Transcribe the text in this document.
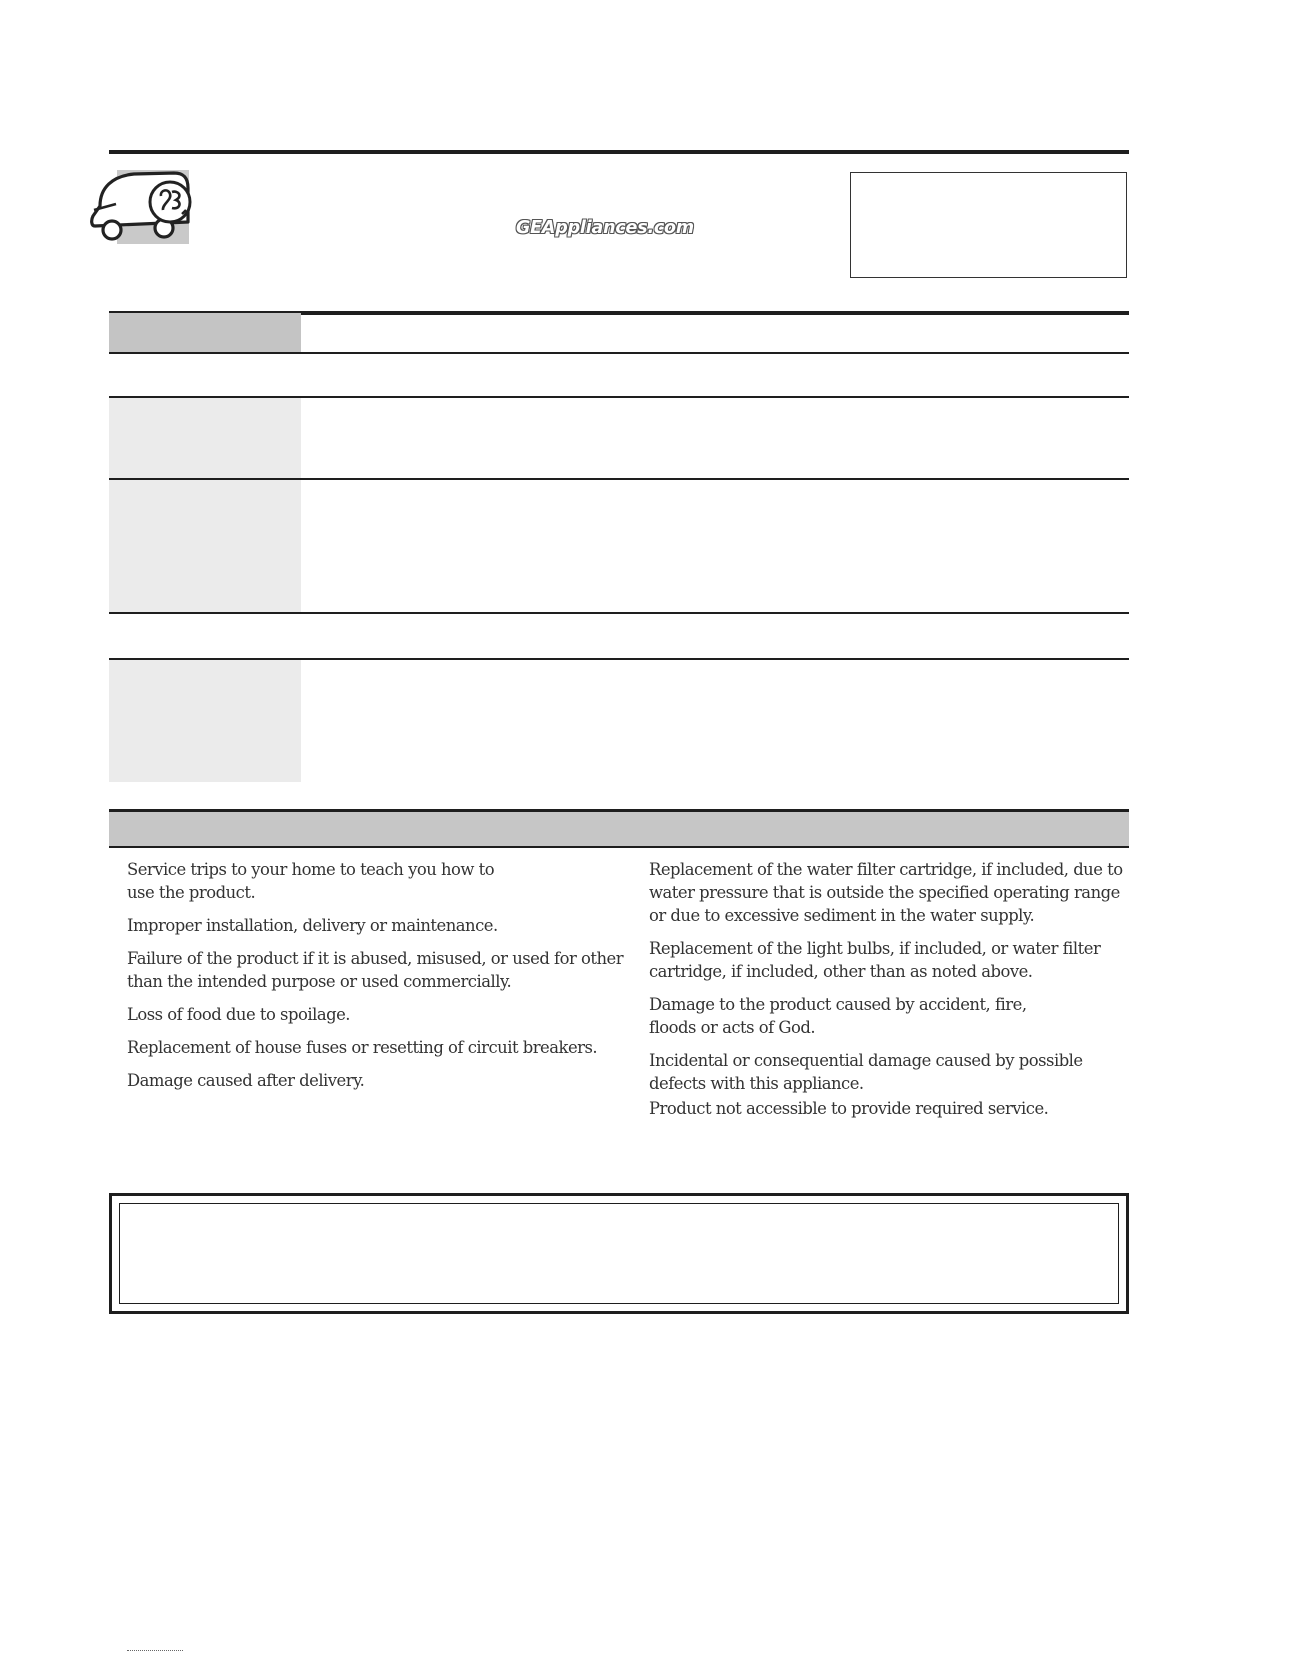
GEAppliances.com
Service trips to your home to teach you how to use the product.
Improper installation, delivery or maintenance.
Failure of the product if it is abused, misused, or used for other than the intended purpose or used commercially.
Loss of food due to spoilage.
Replacement of house fuses or resetting of circuit breakers.
Damage caused after delivery.
Replacement of the water filter cartridge, if included, due to water pressure that is outside the specified operating range or due to excessive sediment in the water supply.
Replacement of the light bulbs, if included, or water filter cartridge, if included, other than as noted above.
Damage to the product caused by accident, fire, floods or acts of God.
Incidental or consequential damage caused by possible defects with this appliance.
Product not accessible to provide required service.
